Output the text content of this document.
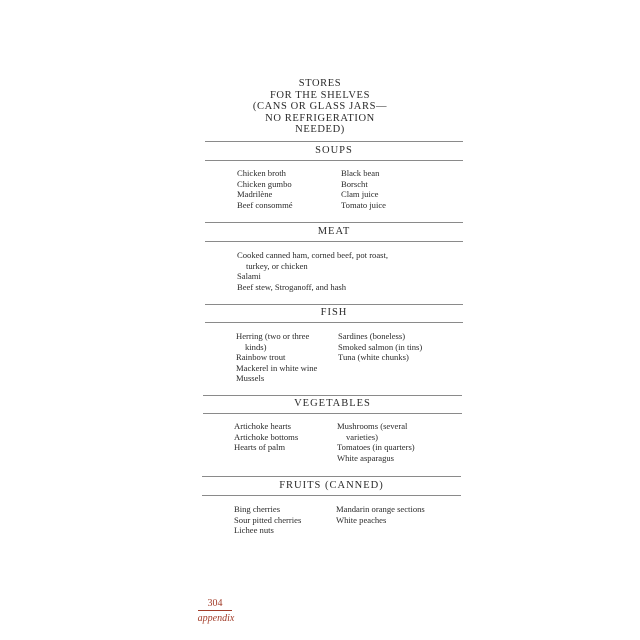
STORES
FOR THE SHELVES
(CANS OR GLASS JARS—
NO REFRIGERATION
NEEDED)
SOUPS
Chicken broth
Chicken gumbo
Madrilène
Beef consommé
Black bean
Borscht
Clam juice
Tomato juice
MEAT
Cooked canned ham, corned beef, pot roast,
turkey, or chicken
Salami
Beef stew, Stroganoff, and hash
FISH
Herring (two or three
kinds)
Rainbow trout
Mackerel in white wine
Mussels
Sardines (boneless)
Smoked salmon (in tins)
Tuna (white chunks)
VEGETABLES
Artichoke hearts
Artichoke bottoms
Hearts of palm
Mushrooms (several
varieties)
Tomatoes (in quarters)
White asparagus
FRUITS (CANNED)
Bing cherries
Sour pitted cherries
Lichee nuts
Mandarin orange sections
White peaches
304
appendix
